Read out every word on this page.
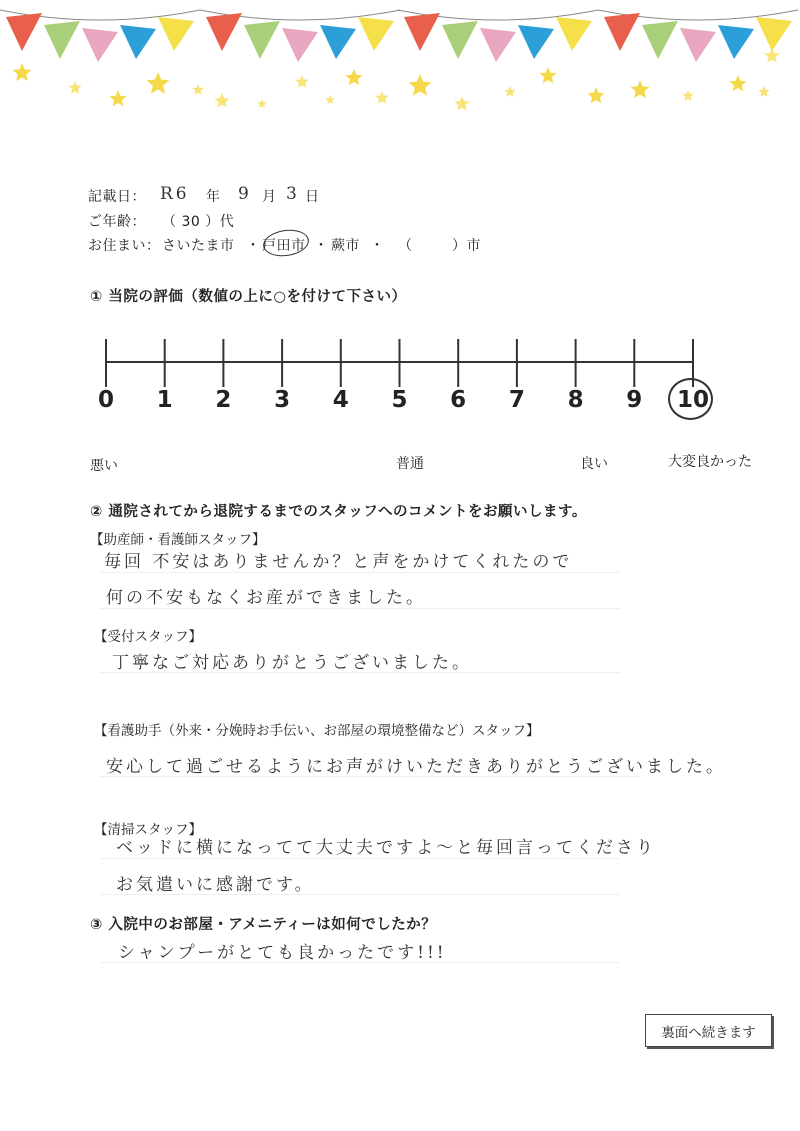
記載日： R6 年 9 月 3 日
ご年齢： （ 30 ）代
お住まい： さいたま市 ・ 戸田市 ・ 蕨市 ・ （	）市
① 当院の評価（数値の上に○を付けて下さい）
0 1 2 3 4 5 6 7 8 9 10
悪い	普通	良い	大変良かった
② 通院されてから退院するまでのスタッフへのコメントをお願いします。
【助産師・看護師スタッフ】
毎回 不安はありませんか？と声をかけてくれたので
何の不安もなくお産ができました。
【受付スタッフ】
丁寧なご対応ありがとうございました。
【看護助手（外来・分娩時お手伝い、お部屋の環境整備など）スタッフ】
安心して過ごせるようにお声がけいただきありがとうございました。
【清掃スタッフ】
ベッドに横になってて大丈夫ですよ〜と毎回言ってくださり
お気遣いに感謝です。
③ 入院中のお部屋・アメニティーは如何でしたか？
シャンプーがとても良かったです!!!
裏面へ続きます
